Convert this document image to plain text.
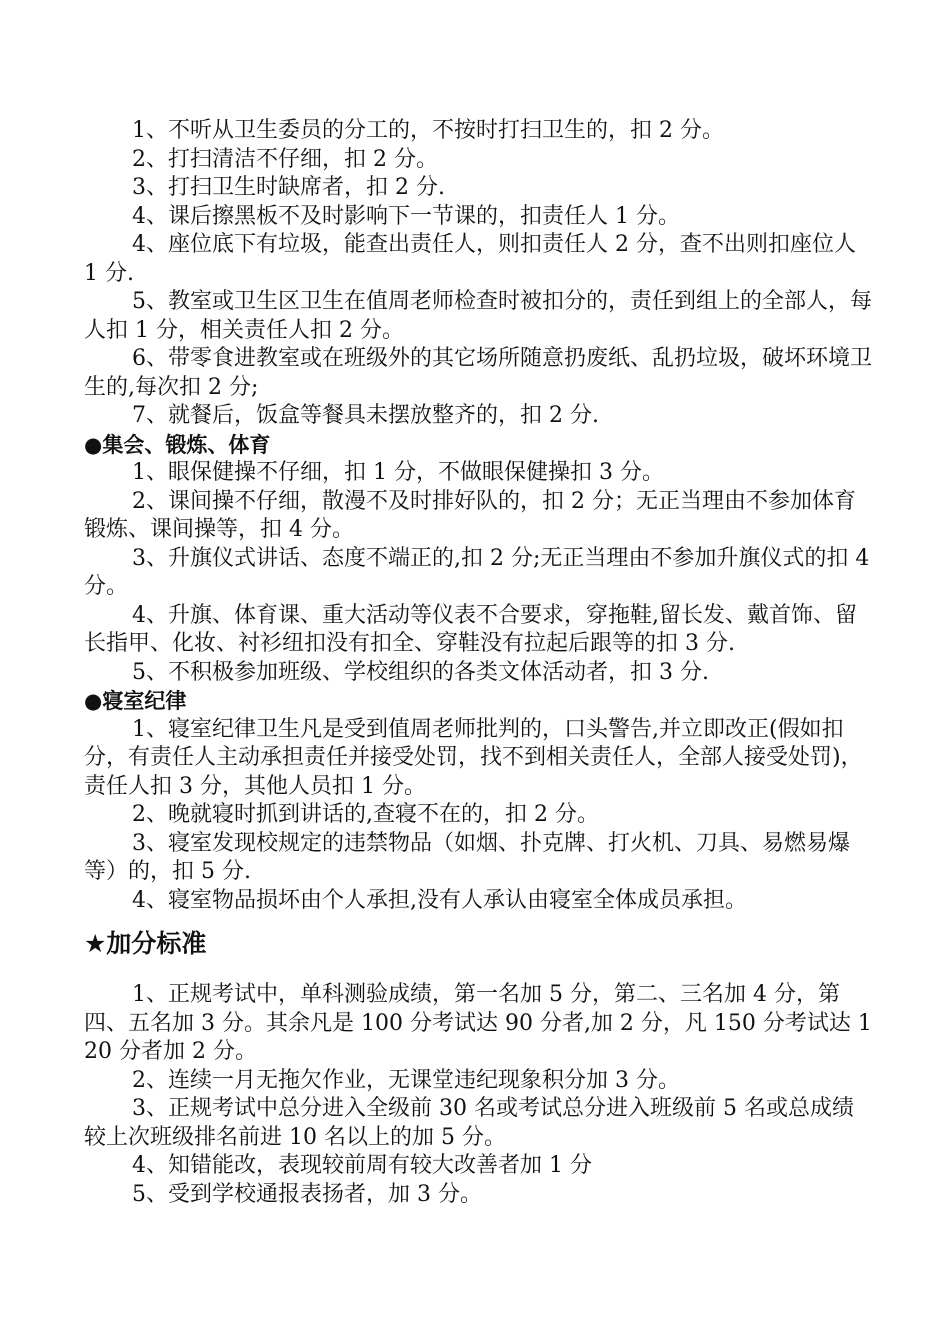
1、不听从卫生委员的分工的，不按时打扫卫生的，扣 2 分。

2、打扫清洁不仔细，扣 2 分。

3、打扫卫生时缺席者，扣 2 分.

4、课后擦黑板不及时影响下一节课的，扣责任人 1 分。

4、座位底下有垃圾，能查出责任人，则扣责任人 2 分，查不出则扣座位人 1 分.

5、教室或卫生区卫生在值周老师检查时被扣分的，责任到组上的全部人，每人扣 1 分，相关责任人扣 2 分。

6、带零食进教室或在班级外的其它场所随意扔废纸、乱扔垃圾，破坏环境卫生的,每次扣 2 分;

7、就餐后，饭盒等餐具未摆放整齐的，扣 2 分.

●集会、锻炼、体育

1、眼保健操不仔细，扣 1 分，不做眼保健操扣 3 分。

2、课间操不仔细，散漫不及时排好队的，扣 2 分；无正当理由不参加体育锻炼、课间操等，扣 4 分。

3、升旗仪式讲话、态度不端正的,扣 2 分;无正当理由不参加升旗仪式的扣 4 分。

4、升旗、体育课、重大活动等仪表不合要求，穿拖鞋,留长发、戴首饰、留长指甲、化妆、衬衫纽扣没有扣全、穿鞋没有拉起后跟等的扣 3 分.

5、不积极参加班级、学校组织的各类文体活动者，扣 3 分.

●寝室纪律

1、寝室纪律卫生凡是受到值周老师批判的，口头警告,并立即改正(假如扣分，有责任人主动承担责任并接受处罚，找不到相关责任人，全部人接受处罚)，责任人扣 3 分，其他人员扣 1 分。

2、晚就寝时抓到讲话的,查寝不在的，扣 2 分。

3、寝室发现校规定的违禁物品（如烟、扑克牌、打火机、刀具、易燃易爆等）的，扣 5 分.

4、寝室物品损坏由个人承担,没有人承认由寝室全体成员承担。

★加分标准

1、正规考试中，单科测验成绩，第一名加 5 分，第二、三名加 4 分，第四、五名加 3 分。其余凡是 100 分考试达 90 分者,加 2 分，凡 150 分考试达 120 分者加 2 分。

2、连续一月无拖欠作业，无课堂违纪现象积分加 3 分。

3、正规考试中总分进入全级前 30 名或考试总分进入班级前 5 名或总成绩较上次班级排名前进 10 名以上的加 5 分。

4、知错能改，表现较前周有较大改善者加 1 分

5、受到学校通报表扬者，加 3 分。
